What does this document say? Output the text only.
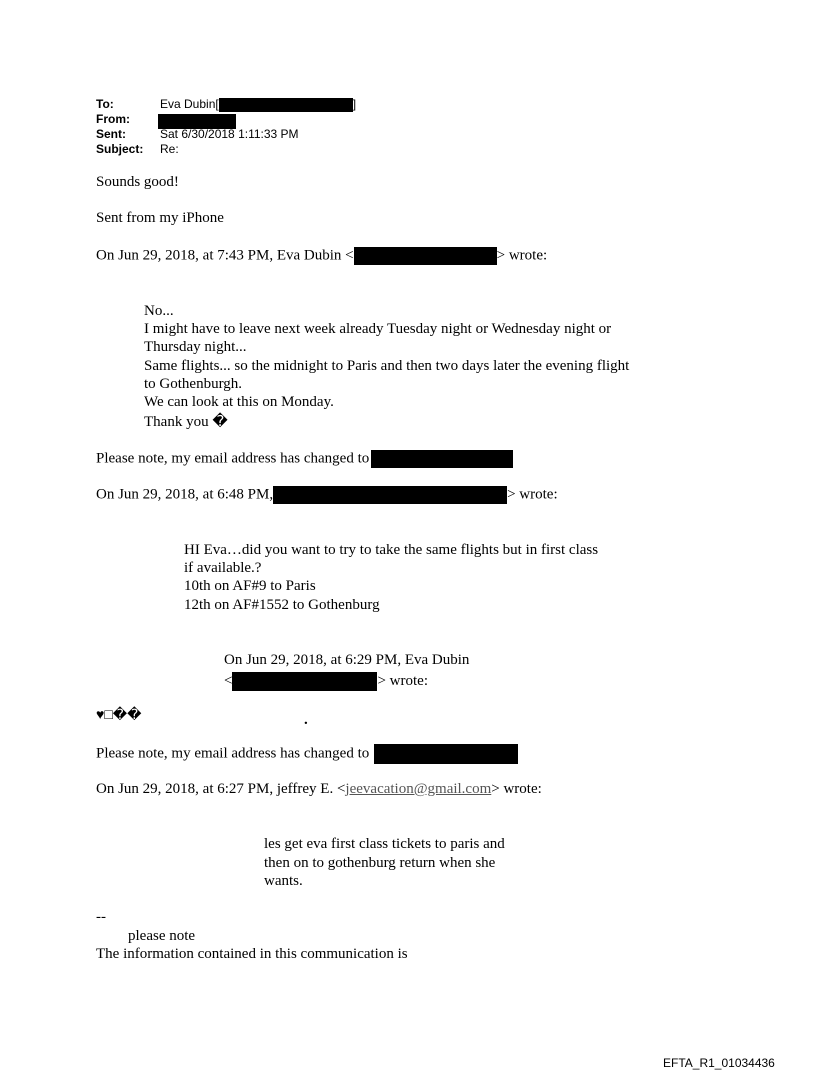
To:	Eva Dubin[	]
From:
Sent:	Sat 6/30/2018 1:11:33 PM
Subject: Re:
Sounds good!
Sent from my iPhone
On Jun 29, 2018, at 7:43 PM, Eva Dubin <	> wrote:
No...
I might have to leave next week already Tuesday night or Wednesday night or
Thursday night...
Same flights... so the midnight to Paris and then two days later the evening flight
to Gothenburgh.
We can look at this on Monday.
Thank you �
Please note, my email address has changed to
On Jun 29, 2018, at 6:48 PM,	> wrote:
HI Eva…did you want to try to take the same flights but in first class
if available.?
10th on AF#9 to Paris
12th on AF#1552 to Gothenburg
On Jun 29, 2018, at 6:29 PM, Eva Dubin
<	> wrote:
♥□��	.
Please note, my email address has changed to
On Jun 29, 2018, at 6:27 PM, jeffrey E. <jeevacation@gmail.com> wrote:
les get eva first class tickets to paris and
then on to gothenburg return when she
wants.
--
please note
The information contained in this communication is
EFTA_R1_01034436
